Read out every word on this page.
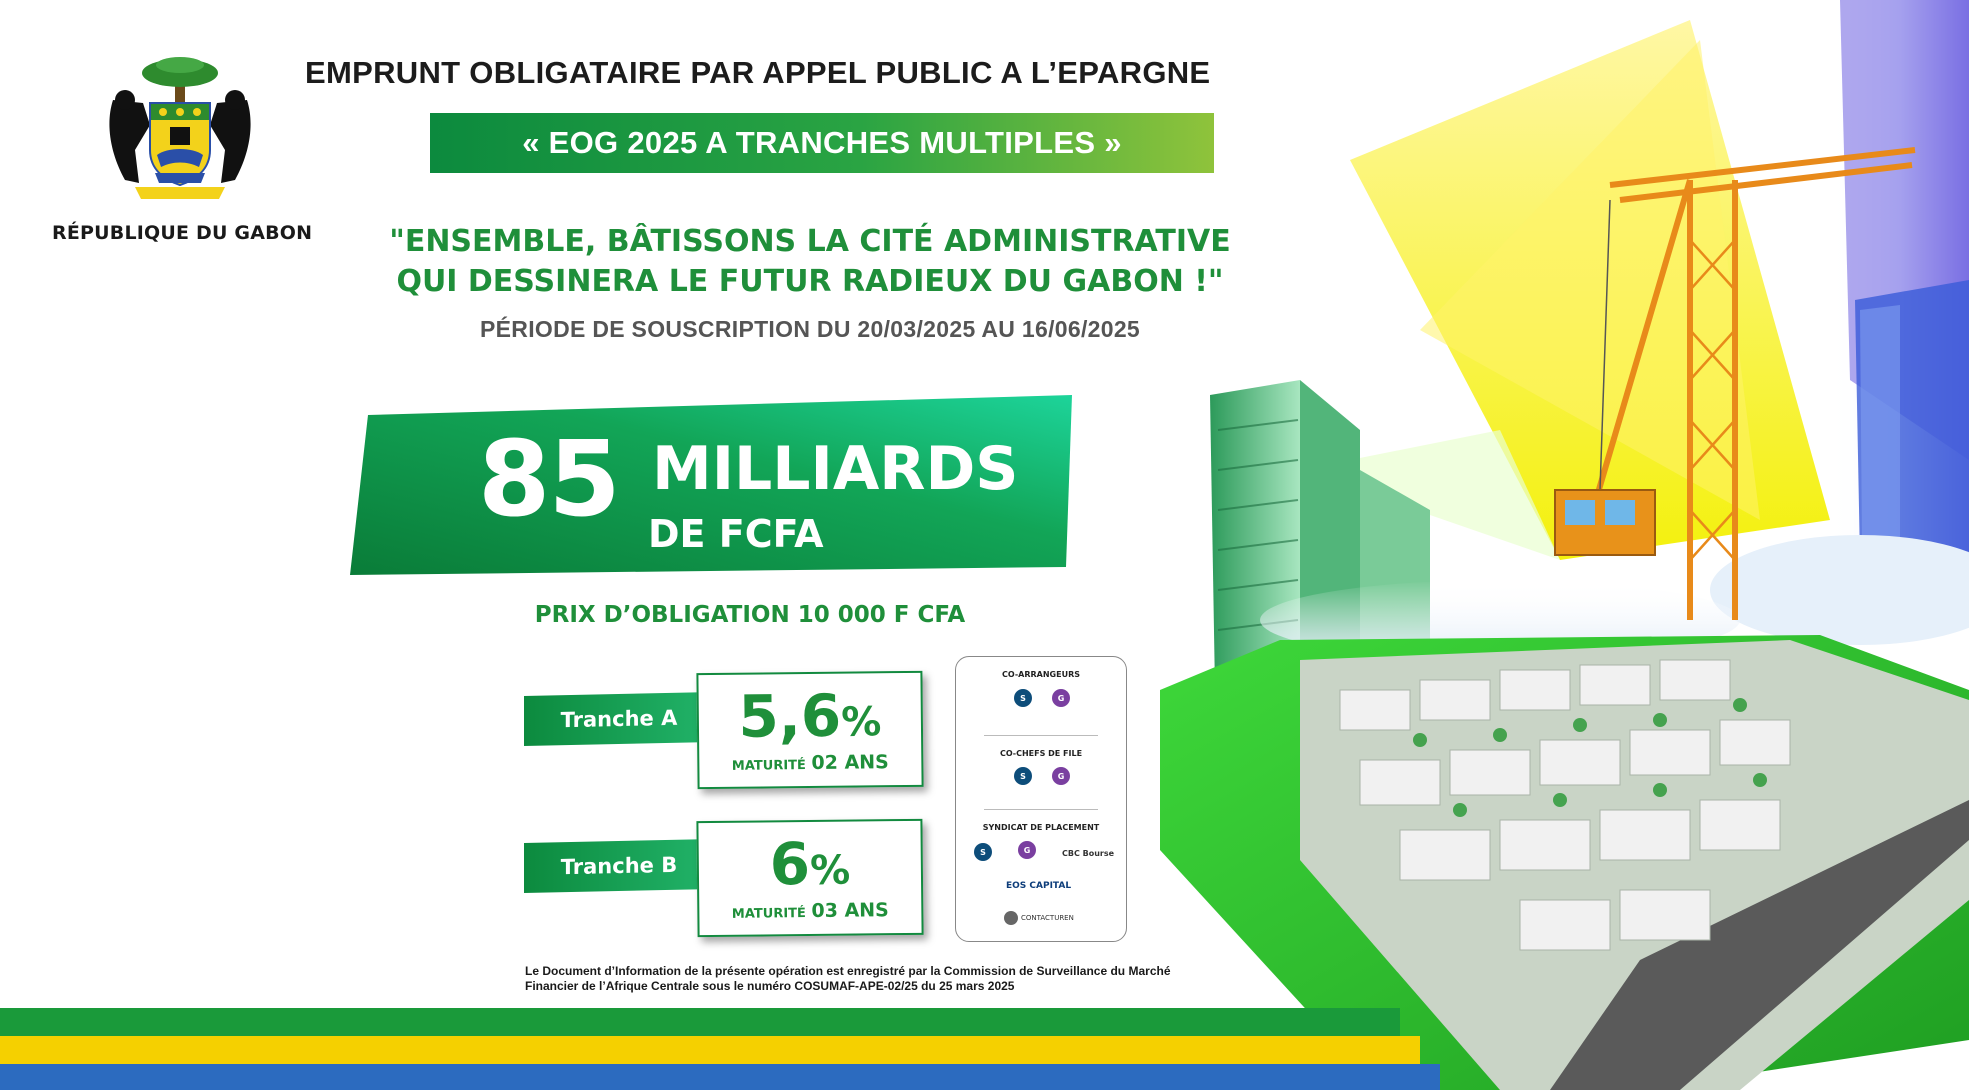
RÉPUBLIQUE DU GABON
EMPRUNT OBLIGATAIRE PAR APPEL PUBLIC A L’EPARGNE
« EOG 2025 A TRANCHES MULTIPLES »
"ENSEMBLE, BÂTISSONS LA CITÉ ADMINISTRATIVE
QUI DESSINERA LE FUTUR RADIEUX DU GABON !"
PÉRIODE DE SOUSCRIPTION DU 20/03/2025 AU 16/06/2025
85 MILLIARDS
DE FCFA
PRIX D’OBLIGATION 10 000 F CFA
Tranche A	5,6%
MATURITÉ 02 ANS
Tranche B	6%
MATURITÉ 03 ANS
CO-ARRANGEURS
S	G
CO-CHEFS DE FILE
S	G
SYNDICAT DE PLACEMENT
S	G	CBC Bourse
EOS CAPITAL
CONTACTUREN
Le Document d’Information de la présente opération est enregistré par la Commission de Surveillance du Marché
Financier de l’Afrique Centrale sous le numéro COSUMAF-APE-02/25 du 25 mars 2025
